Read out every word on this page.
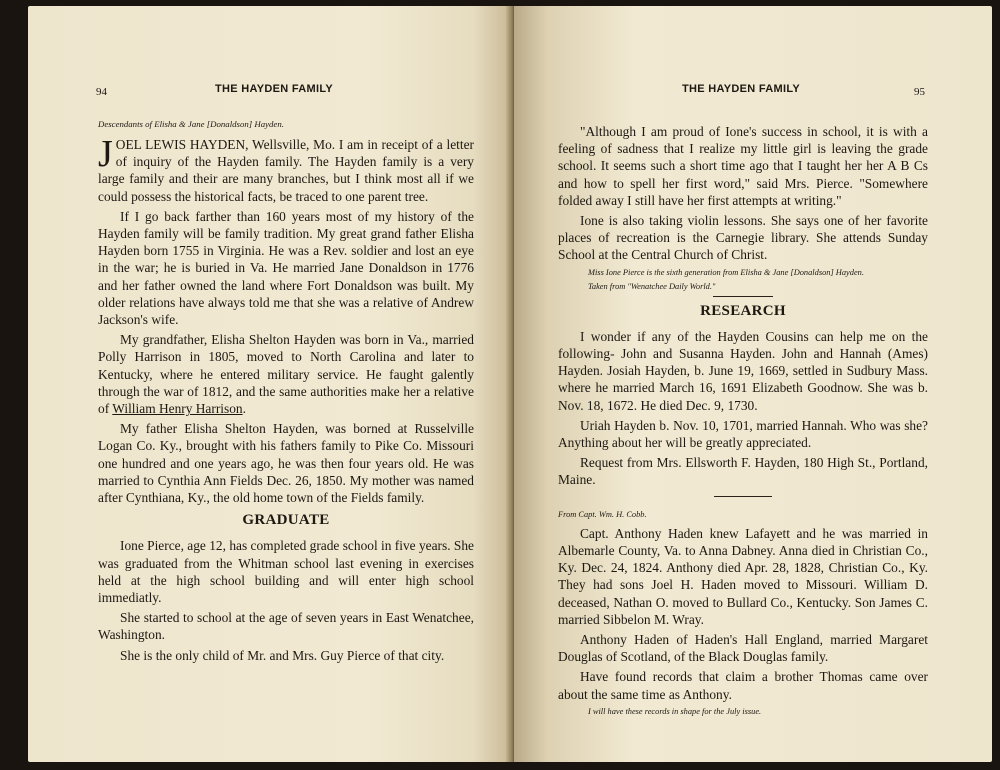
94	THE HAYDEN FAMILY

Descendants of Elisha & Jane [Donaldson] Hayden.

JOEL LEWIS HAYDEN, Wellsville, Mo. I am in receipt of a letter of inquiry of the Hayden family. The Hayden family is a very large family and their are many branches, but I think most all if we could possess the historical facts, be traced to one parent tree.

If I go back farther than 160 years most of my history of the Hayden family will be family tradition. My great grand father Elisha Hayden born 1755 in Virginia. He was a Rev. soldier and lost an eye in the war; he is buried in Va. He married Jane Donaldson in 1776 and her father owned the land where Fort Donaldson was built. My older relations have always told me that she was a relative of Andrew Jackson's wife.

My grandfather, Elisha Shelton Hayden was born in Va., married Polly Harrison in 1805, moved to North Carolina and later to Kentucky, where he entered military service. He faught galently through the war of 1812, and the same authorities make her a relative of William Henry Harrison.

My father Elisha Shelton Hayden, was borned at Russelville Logan Co. Ky., brought with his fathers family to Pike Co. Missouri one hundred and one years ago, he was then four years old. He was married to Cynthia Ann Fields Dec. 26, 1850. My mother was named after Cynthiana, Ky., the old home town of the Fields family.

GRADUATE

Ione Pierce, age 12, has completed grade school in five years. She was graduated from the Whitman school last evening in exercises held at the high school building and will enter high school immediatly.

She started to school at the age of seven years in East Wenatchee, Washington.

She is the only child of Mr. and Mrs. Guy Pierce of that city.

THE HAYDEN FAMILY	95

"Although I am proud of Ione's success in school, it is with a feeling of sadness that I realize my little girl is leaving the grade school. It seems such a short time ago that I taught her her A B Cs and how to spell her first word," said Mrs. Pierce. "Somewhere folded away I still have her first attempts at writing."

Ione is also taking violin lessons. She says one of her favorite places of recreation is the Carnegie library. She attends Sunday School at the Central Church of Christ.

Miss Ione Pierce is the sixth generation from Elisha & Jane [Donaldson] Hayden.

Taken from "Wenatchee Daily World."

RESEARCH

I wonder if any of the Hayden Cousins can help me on the following- John and Susanna Hayden. John and Hannah (Ames) Hayden. Josiah Hayden, b. June 19, 1669, settled in Sudbury Mass. where he married March 16, 1691 Elizabeth Goodnow. She was b. Nov. 18, 1672. He died Dec. 9, 1730.

Uriah Hayden b. Nov. 10, 1701, married Hannah. Who was she? Anything about her will be greatly appreciated.

Request from Mrs. Ellsworth F. Hayden, 180 High St., Portland, Maine.

From Capt. Wm. H. Cobb.

Capt. Anthony Haden knew Lafayett and he was married in Albemarle County, Va. to Anna Dabney. Anna died in Christian Co., Ky. Dec. 24, 1824. Anthony died Apr. 28, 1828, Christian Co., Ky. They had sons Joel H. Haden moved to Missouri. William D. deceased, Nathan O. moved to Bullard Co., Kentucky. Son James C. married Sibbelon M. Wray.

Anthony Haden of Haden's Hall England, married Margaret Douglas of Scotland, of the Black Douglas family.

Have found records that claim a brother Thomas came over about the same time as Anthony.

I will have these records in shape for the July issue.
